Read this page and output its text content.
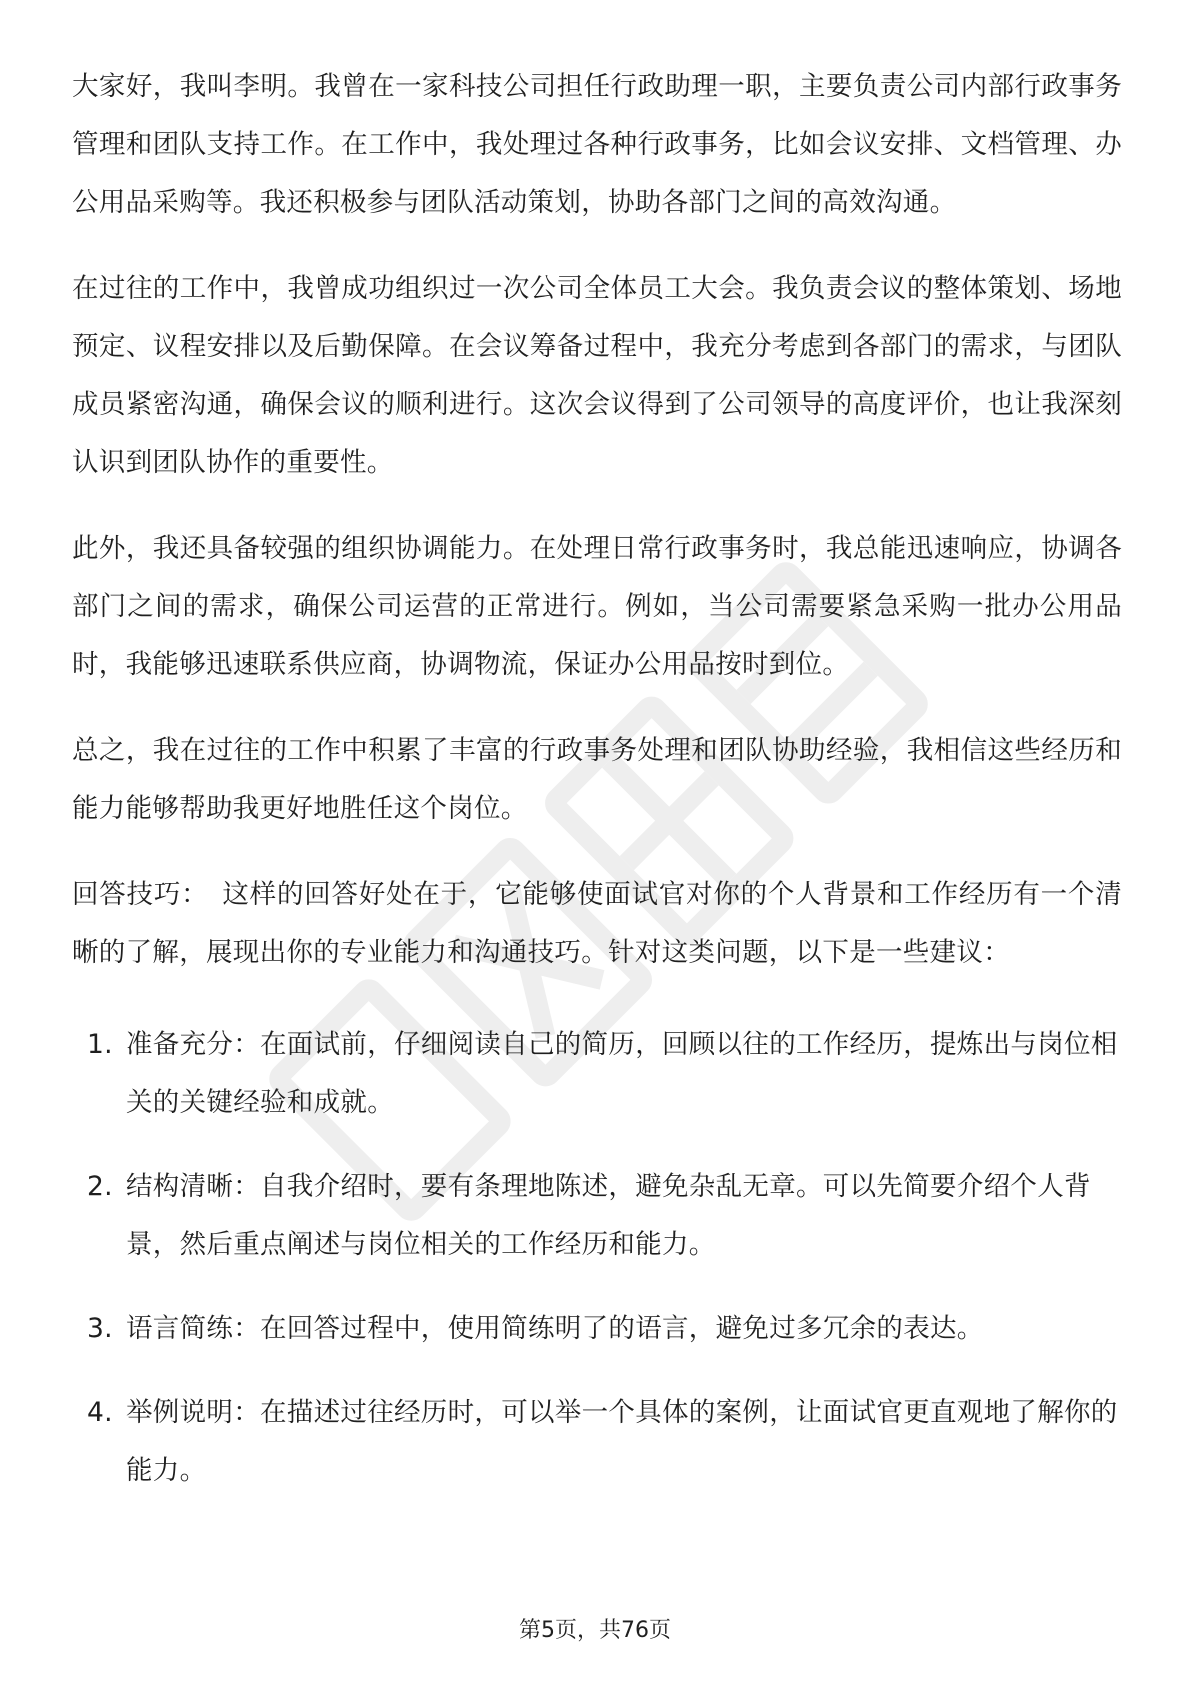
大家好，我叫李明。我曾在一家科技公司担任行政助理一职，主要负责公司内部行政事务管理和团队支持工作。在工作中，我处理过各种行政事务，比如会议安排、文档管理、办公用品采购等。我还积极参与团队活动策划，协助各部门之间的高效沟通。

在过往的工作中，我曾成功组织过一次公司全体员工大会。我负责会议的整体策划、场地预定、议程安排以及后勤保障。在会议筹备过程中，我充分考虑到各部门的需求，与团队成员紧密沟通，确保会议的顺利进行。这次会议得到了公司领导的高度评价，也让我深刻认识到团队协作的重要性。

此外，我还具备较强的组织协调能力。在处理日常行政事务时，我总能迅速响应，协调各部门之间的需求，确保公司运营的正常进行。例如，当公司需要紧急采购一批办公用品时，我能够迅速联系供应商，协调物流，保证办公用品按时到位。

总之，我在过往的工作中积累了丰富的行政事务处理和团队协助经验，我相信这些经历和能力能够帮助我更好地胜任这个岗位。

回答技巧： 这样的回答好处在于，它能够使面试官对你的个人背景和工作经历有一个清晰的了解，展现出你的专业能力和沟通技巧。针对这类问题，以下是一些建议：

1. 准备充分：在面试前，仔细阅读自己的简历，回顾以往的工作经历，提炼出与岗位相关的关键经验和成就。
2. 结构清晰：自我介绍时，要有条理地陈述，避免杂乱无章。可以先简要介绍个人背景，然后重点阐述与岗位相关的工作经历和能力。
3. 语言简练：在回答过程中，使用简练明了的语言，避免过多冗余的表达。
4. 举例说明：在描述过往经历时，可以举一个具体的案例，让面试官更直观地了解你的能力。
第5页，共76页
